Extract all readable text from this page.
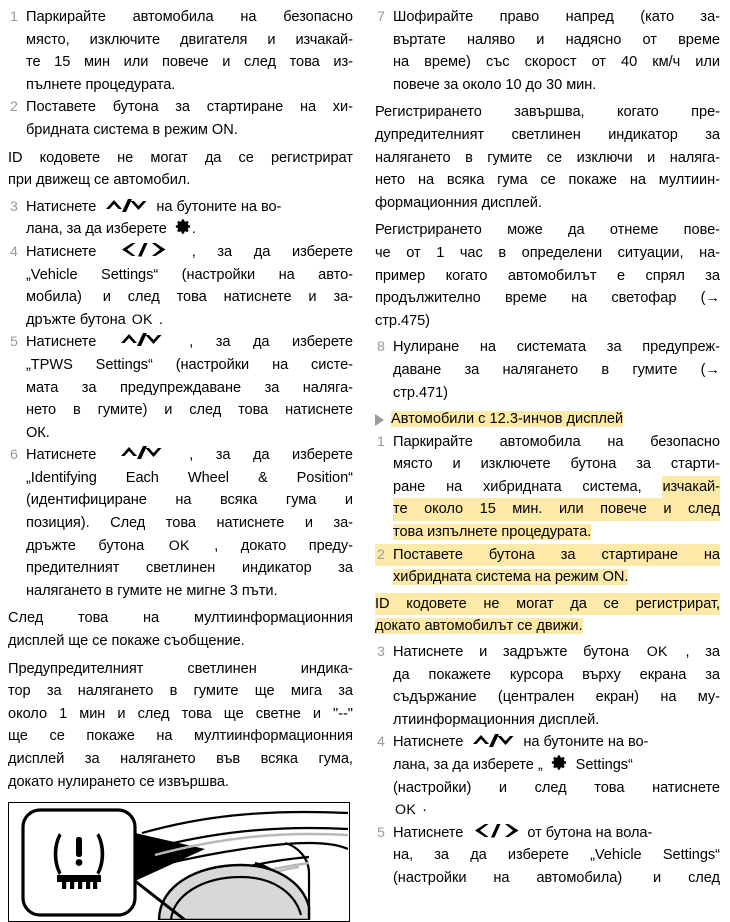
1 Паркирайте автомобила на безопасно
място, изключите двигателя и изчакай-
те 15 мин или повече и след това из-
пълнете процедурата.
2 Поставете бутона за стартиране на хи-
бридната система в режим ON.
ID кодовете не могат да се регистрират
при движещ се автомобил.
3 Натиснете	на бутоните на во-
лана, за да изберете
.
4 Натиснете	, за да изберете
„Vehicle Settings“ (настройки на авто-
мобила) и след това натиснете и за-
дръжте бутона OK .
5 Натиснете	, за да изберете
„TPWS Settings“ (настройки на систе-
мата за предупреждаване за наляга-
нето в гумите) и след това натиснете
ОК.
6 Натиснете	, за да изберете
„Identifying Each Wheel & Position“
(идентифициране на всяка гума и
позиция). След това натиснете и за-
дръжте бутона OK , докато преду-
предителният светлинен индикатор за
налягането в гумите не мигне 3 пъти.
След това на мултиинформационния
дисплей ще се покаже съобщение.
Предупредителният	светлинен	индика-
тор за налягането в гумите ще мига за
около 1 мин и след това ще светне и "--"
ще се покаже на мултиинформационния
дисплей за налягането във всяка гума,
докато нулирането се извършва.
7 Шофирайте право напред (като за-
въртате наляво и надясно от време
на време) със скорост от 40 км/ч или
повече за около 10 до 30 мин.
Регистрирането завършва, когато пре-
дупредителният светлинен индикатор за
налягането в гумите се изключи и наляга-
нето на всяка гума се покаже на мултиин-
формационния дисплей.
Регистрирането може да отнеме пове-
че от 1 час в определени ситуации, на-
пример когато автомобилът е спрял за
продължително време на светофар (→
стр.475)
8 Нулиране на системата за предупреж-
даване за налягането в гумите (→
стр.471)
Автомобили с 12.3-инчов дисплей
1 Паркирайте автомобила на безопасно
място и изключете бутона за старти-
ране на хибридната система, изчакай-
те около 15 мин. или повече и след
това изпълнете процедурата.
2 Поставете бутона за стартиране на
хибридната система на режим ON.
ID кодовете не могат да се регистрират,
докато автомобилът се движи.
3 Натиснете и задръжте бутона OK , за
да покажете курсора върху екрана за
съдържание (централен екран) на му-
лтиинформационния дисплей.
4 Натиснете	на бутоните на во-
лана, за да изберете „
Settings“
(настройки) и след това натиснете
OK ·
5 Натиснете	от бутона на вола-
на, за да изберете „Vehicle Settings“
(настройки на автомобила) и след
